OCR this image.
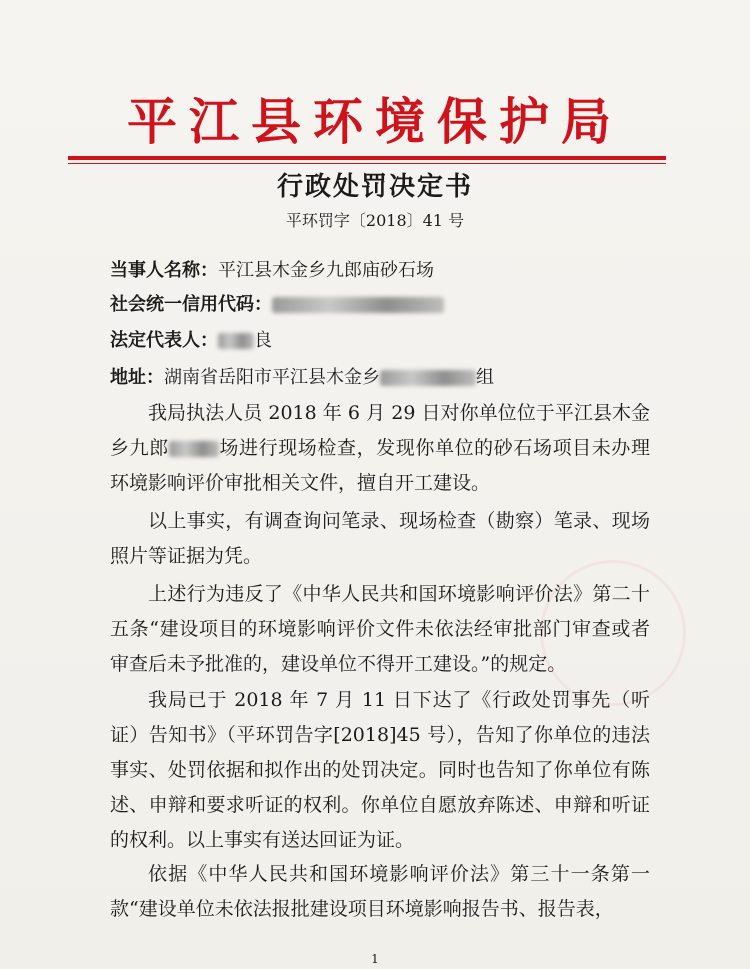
平江县环境保护局
行政处罚决定书
平环罚字〔2018〕41 号
当事人名称：平江县木金乡九郎庙砂石场
社会统一信用代码：
法定代表人： 良
地址：湖南省岳阳市平江县木金乡	组

我局执法人员 2018 年 6 月 29 日对你单位位于平江县木金乡九郎	场进行现场检查，发现你单位的砂石场项目未办理环境影响评价审批相关文件，擅自开工建设。

以上事实，有调查询问笔录、现场检查（勘察）笔录、现场照片等证据为凭。

上述行为违反了《中华人民共和国环境影响评价法》第二十五条“建设项目的环境影响评价文件未依法经审批部门审查或者审查后未予批准的，建设单位不得开工建设。”的规定。

我局已于 2018 年 7 月 11 日下达了《行政处罚事先（听证）告知书》（平环罚告字[2018]45 号），告知了你单位的违法事实、处罚依据和拟作出的处罚决定。同时也告知了你单位有陈述、申辩和要求听证的权利。你单位自愿放弃陈述、申辩和听证的权利。以上事实有送达回证为证。

依据《中华人民共和国环境影响评价法》第三十一条第一款“建设单位未依法报批建设项目环境影响报告书、报告表，

1
